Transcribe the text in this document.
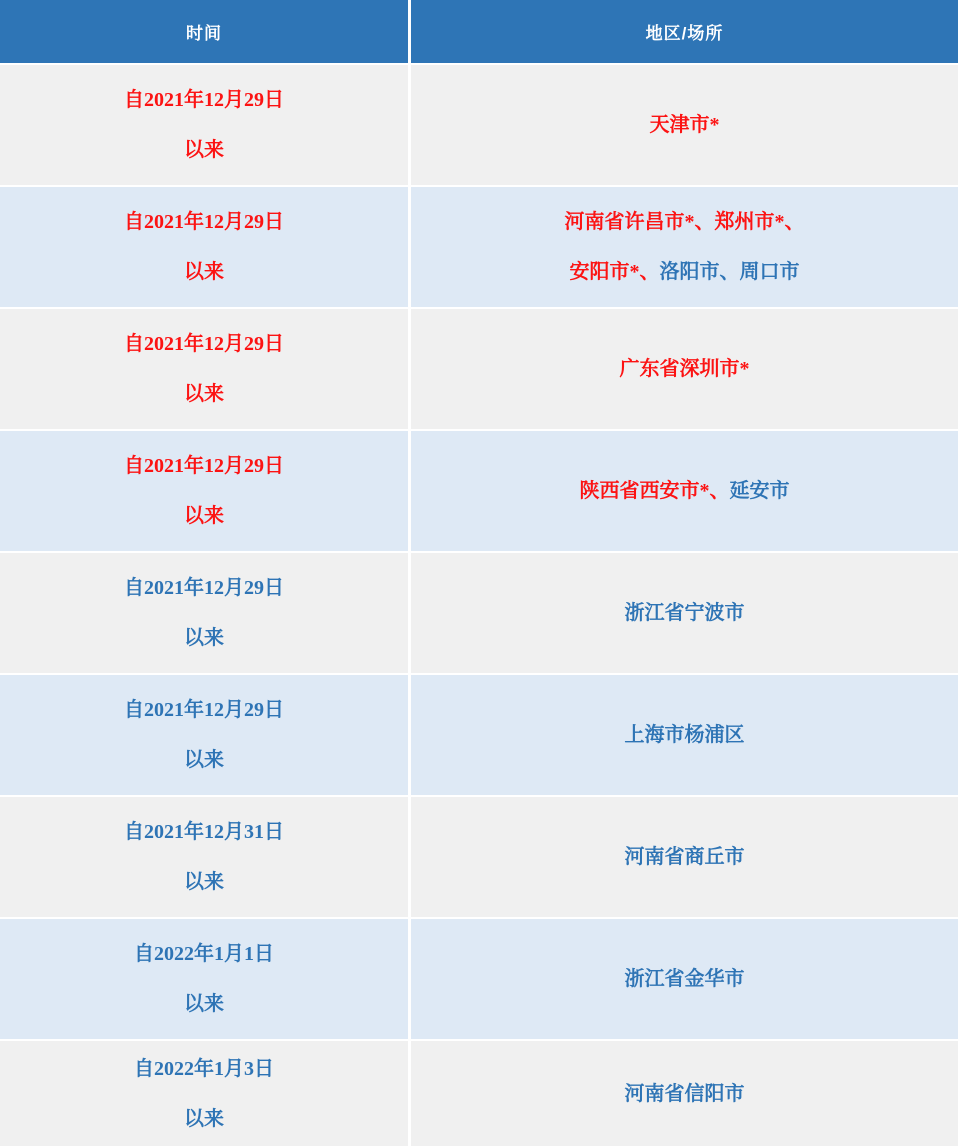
时间	地区/场所
自2021年12月29日
以来
天津市*
自2021年12月29日
以来
河南省许昌市*、郑州市*、
安阳市*、洛阳市、周口市
自2021年12月29日
以来
广东省深圳市*
自2021年12月29日
以来
陕西省西安市*、延安市
自2021年12月29日
以来
浙江省宁波市
自2021年12月29日
以来
上海市杨浦区
自2021年12月31日
以来
河南省商丘市
自2022年1月1日
以来
浙江省金华市
自2022年1月3日
以来
河南省信阳市
